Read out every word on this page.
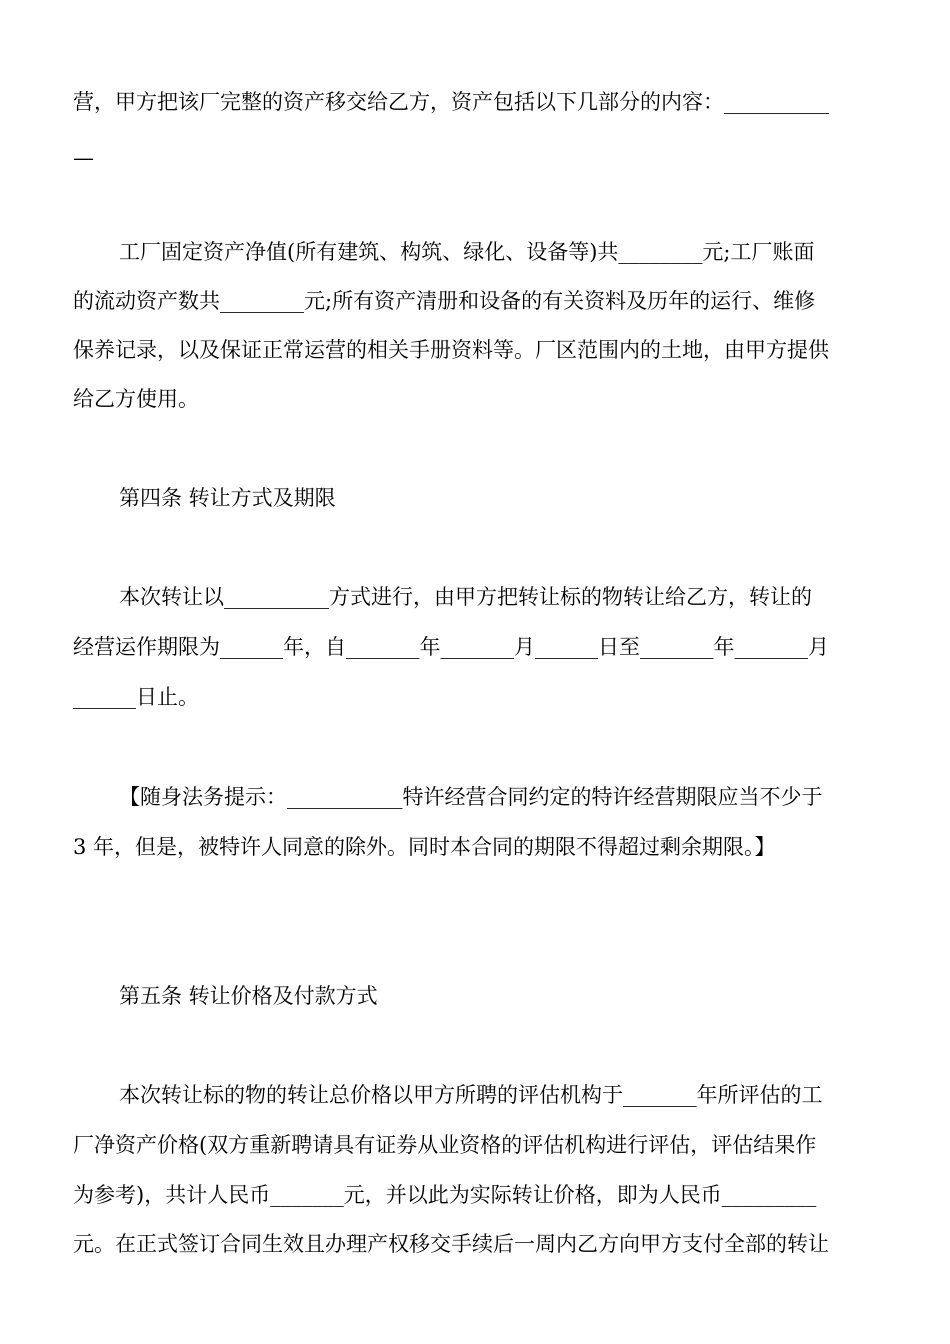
营，甲方把该厂完整的资产移交给乙方，资产包括以下几部分的内容：__________
—
工厂固定资产净值(所有建筑、构筑、绿化、设备等)共________元;工厂账面
的流动资产数共________元;所有资产清册和设备的有关资料及历年的运行、维修
保养记录，以及保证正常运营的相关手册资料等。厂区范围内的土地，由甲方提供
给乙方使用。
第四条 转让方式及期限
本次转让以__________方式进行，由甲方把转让标的物转让给乙方，转让的
经营运作期限为______年，自_______年_______月______日至_______年_______月
______日止。
【随身法务提示：___________特许经营合同约定的特许经营期限应当不少于
3 年，但是，被特许人同意的除外。同时本合同的期限不得超过剩余期限。】
第五条 转让价格及付款方式
本次转让标的物的转让总价格以甲方所聘的评估机构于_______年所评估的工
厂净资产价格(双方重新聘请具有证券从业资格的评估机构进行评估，评估结果作
为参考)，共计人民币_______元，并以此为实际转让价格，即为人民币_________
元。在正式签订合同生效且办理产权移交手续后一周内乙方向甲方支付全部的转让
